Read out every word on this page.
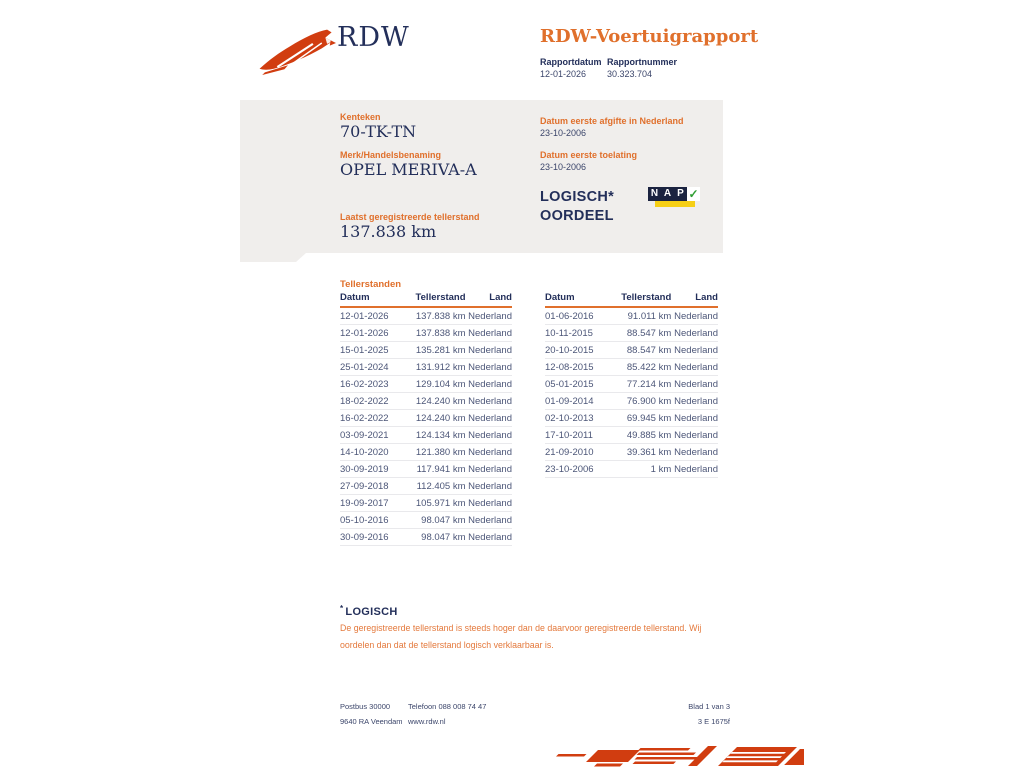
RDW	RDW-Voertuigrapport
Rapportdatum Rapportnummer
12-01-2026 30.323.704
Kenteken
70-TK-TN
Merk/Handelsbenaming
OPEL MERIVA-A
Laatst geregistreerde tellerstand
137.838 km
Datum eerste afgifte in Nederland
23-10-2006
Datum eerste toelating
23-10-2006
LOGISCH*
OORDEEL
N A P ✓
Tellerstanden
Datum	Tellerstand	Land
12-01-2026	137.838 km	Nederland
12-01-2026	137.838 km	Nederland
15-01-2025	135.281 km	Nederland
25-01-2024	131.912 km	Nederland
16-02-2023	129.104 km	Nederland
18-02-2022	124.240 km	Nederland
16-02-2022	124.240 km	Nederland
03-09-2021	124.134 km	Nederland
14-10-2020	121.380 km	Nederland
30-09-2019	117.941 km	Nederland
27-09-2018	112.405 km	Nederland
19-09-2017	105.971 km	Nederland
05-10-2016	98.047 km	Nederland
30-09-2016	98.047 km	Nederland
Datum	Tellerstand	Land
01-06-2016	91.011 km	Nederland
10-11-2015	88.547 km	Nederland
20-10-2015	88.547 km	Nederland
12-08-2015	85.422 km	Nederland
05-01-2015	77.214 km	Nederland
01-09-2014	76.900 km	Nederland
02-10-2013	69.945 km	Nederland
17-10-2011	49.885 km	Nederland
21-09-2010	39.361 km	Nederland
23-10-2006	1 km	Nederland
* LOGISCH
De geregistreerde tellerstand is steeds hoger dan de daarvoor geregistreerde tellerstand. Wij oordelen dan dat de tellerstand logisch verklaarbaar is.
Postbus 30000
9640 RA Veendam
Telefoon 088 008 74 47
www.rdw.nl
Blad 1 van 3
3 E 1675f
